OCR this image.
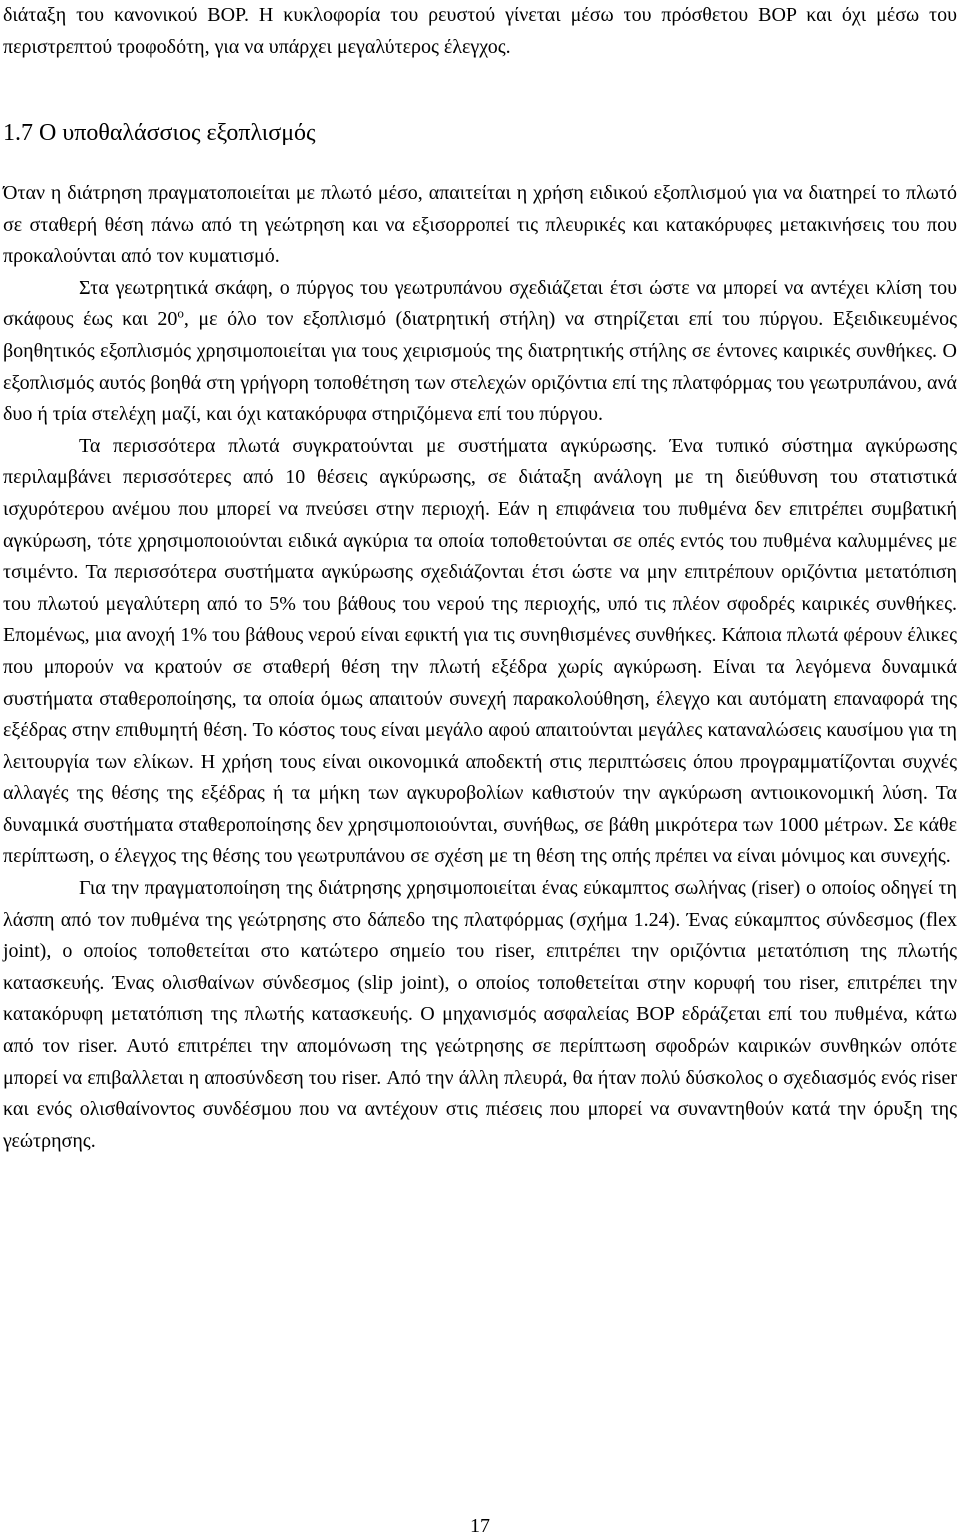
διάταξη του κανονικού BOP. Η κυκλοφορία του ρευστού γίνεται μέσω του πρόσθετου BOP και όχι μέσω του περιστρεπτού τροφοδότη, για να υπάρχει μεγαλύτερος έλεγχος.

1.7 Ο υποθαλάσσιος εξοπλισμός

Όταν η διάτρηση πραγματοποιείται με πλωτό μέσο, απαιτείται η χρήση ειδικού εξοπλισμού για να διατηρεί το πλωτό σε σταθερή θέση πάνω από τη γεώτρηση και να εξισορροπεί τις πλευρικές και κατακόρυφες μετακινήσεις του που προκαλούνται από τον κυματισμό.

Στα γεωτρητικά σκάφη, ο πύργος του γεωτρυπάνου σχεδιάζεται έτσι ώστε να μπορεί να αντέχει κλίση του σκάφους έως και $20^o$, με όλο τον εξοπλισμό (διατρητική στήλη) να στηρίζεται επί του πύργου. Εξειδικευμένος βοηθητικός εξοπλισμός χρησιμοποιείται για τους χειρισμούς της διατρητικής στήλης σε έντονες καιρικές συνθήκες. Ο εξοπλισμός αυτός βοηθά στη γρήγορη τοποθέτηση των στελεχών οριζόντια επί της πλατφόρμας του γεωτρυπάνου, ανά δυο ή τρία στελέχη μαζί, και όχι κατακόρυφα στηριζόμενα επί του πύργου.

Τα περισσότερα πλωτά συγκρατούνται με συστήματα αγκύρωσης. Ένα τυπικό σύστημα αγκύρωσης περιλαμβάνει περισσότερες από 10 θέσεις αγκύρωσης, σε διάταξη ανάλογη με τη διεύθυνση του στατιστικά ισχυρότερου ανέμου που μπορεί να πνεύσει στην περιοχή. Εάν η επιφάνεια του πυθμένα δεν επιτρέπει συμβατική αγκύρωση, τότε χρησιμοποιούνται ειδικά αγκύρια τα οποία τοποθετούνται σε οπές εντός του πυθμένα καλυμμένες με τσιμέντο. Τα περισσότερα συστήματα αγκύρωσης σχεδιάζονται έτσι ώστε να μην επιτρέπουν οριζόντια μετατόπιση του πλωτού μεγαλύτερη από το 5% του βάθους του νερού της περιοχής, υπό τις πλέον σφοδρές καιρικές συνθήκες. Επομένως, μια ανοχή 1% του βάθους νερού είναι εφικτή για τις συνηθισμένες συνθήκες. Κάποια πλωτά φέρουν έλικες που μπορούν να κρατούν σε σταθερή θέση την πλωτή εξέδρα χωρίς αγκύρωση. Είναι τα λεγόμενα δυναμικά συστήματα σταθεροποίησης, τα οποία όμως απαιτούν συνεχή παρακολούθηση, έλεγχο και αυτόματη επαναφορά της εξέδρας στην επιθυμητή θέση. Το κόστος τους είναι μεγάλο αφού απαιτούνται μεγάλες καταναλώσεις καυσίμου για τη λειτουργία των ελίκων. Η χρήση τους είναι οικονομικά αποδεκτή στις περιπτώσεις όπου προγραμματίζονται συχνές αλλαγές της θέσης της εξέδρας ή τα μήκη των αγκυροβολίων καθιστούν την αγκύρωση αντιοικονομική λύση. Τα δυναμικά συστήματα σταθεροποίησης δεν χρησιμοποιούνται, συνήθως, σε βάθη μικρότερα των 1000 μέτρων. Σε κάθε περίπτωση, ο έλεγχος της θέσης του γεωτρυπάνου σε σχέση με τη θέση της οπής πρέπει να είναι μόνιμος και συνεχής.

Για την πραγματοποίηση της διάτρησης χρησιμοποιείται ένας εύκαμπτος σωλήνας (riser) ο οποίος οδηγεί τη λάσπη από τον πυθμένα της γεώτρησης στο δάπεδο της πλατφόρμας (σχήμα 1.24). Ένας εύκαμπτος σύνδεσμος (flex joint), ο οποίος τοποθετείται στο κατώτερο σημείο του riser, επιτρέπει την οριζόντια μετατόπιση της πλωτής κατασκευής. Ένας ολισθαίνων σύνδεσμος (slip joint), ο οποίος τοποθετείται στην κορυφή του riser, επιτρέπει την κατακόρυφη μετατόπιση της πλωτής κατασκευής. Ο μηχανισμός ασφαλείας BOP εδράζεται επί του πυθμένα, κάτω από τον riser. Αυτό επιτρέπει την απομόνωση της γεώτρησης σε περίπτωση σφοδρών καιρικών συνθηκών οπότε μπορεί να επιβαλλεται η αποσύνδεση του riser. Από την άλλη πλευρά, θα ήταν πολύ δύσκολος ο σχεδιασμός ενός riser και ενός ολισθαίνοντος συνδέσμου που να αντέχουν στις πιέσεις που μπορεί να συναντηθούν κατά την όρυξη της γεώτρησης.

17
